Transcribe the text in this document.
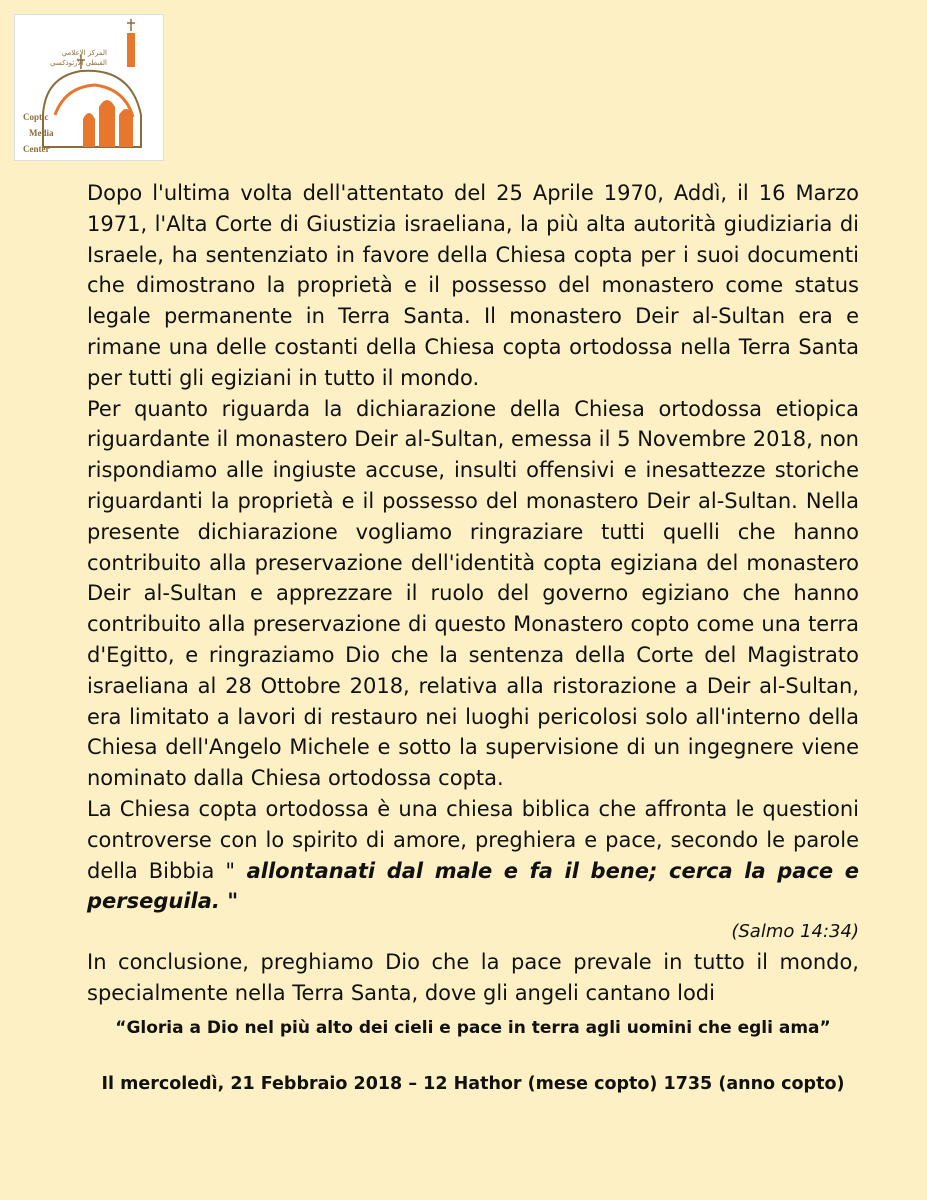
المركز الإعلامي
القبطي الأرثوذكسي
Coptic
Media
Center

Dopo l'ultima volta dell'attentato del 25 Aprile 1970, Addì, il 16 Marzo 1971, l'Alta Corte di Giustizia israeliana, la più alta autorità giudiziaria di Israele, ha sentenziato in favore della Chiesa copta per i suoi documenti che dimostrano la proprietà e il possesso del monastero come status legale permanente in Terra Santa. Il monastero Deir al-Sultan era e rimane una delle costanti della Chiesa copta ortodossa nella Terra Santa per tutti gli egiziani in tutto il mondo.

Per quanto riguarda la dichiarazione della Chiesa ortodossa etiopica riguardante il monastero Deir al-Sultan, emessa il 5 Novembre 2018, non rispondiamo alle ingiuste accuse, insulti offensivi e inesattezze storiche riguardanti la proprietà e il possesso del monastero Deir al-Sultan. Nella presente dichiarazione vogliamo ringraziare tutti quelli che hanno contribuito alla preservazione dell'identità copta egiziana del monastero Deir al-Sultan e apprezzare il ruolo del governo egiziano che hanno contribuito alla preservazione di questo Monastero copto come una terra d'Egitto, e ringraziamo Dio che la sentenza della Corte del Magistrato israeliana al 28 Ottobre 2018, relativa alla ristorazione a Deir al-Sultan, era limitato a lavori di restauro nei luoghi pericolosi solo all'interno della Chiesa dell'Angelo Michele e sotto la supervisione di un ingegnere viene nominato dalla Chiesa ortodossa copta.

La Chiesa copta ortodossa è una chiesa biblica che affronta le questioni controverse con lo spirito di amore, preghiera e pace, secondo le parole della Bibbia " allontanati dal male e fa il bene; cerca la pace e perseguila. "

(Salmo 14:34)

In conclusione, preghiamo Dio che la pace prevale in tutto il mondo, specialmente nella Terra Santa, dove gli angeli cantano lodi

“Gloria a Dio nel più alto dei cieli e pace in terra agli uomini che egli ama”
Il mercoledì, 21 Febbraio 2018 – 12 Hathor (mese copto) 1735 (anno copto)
